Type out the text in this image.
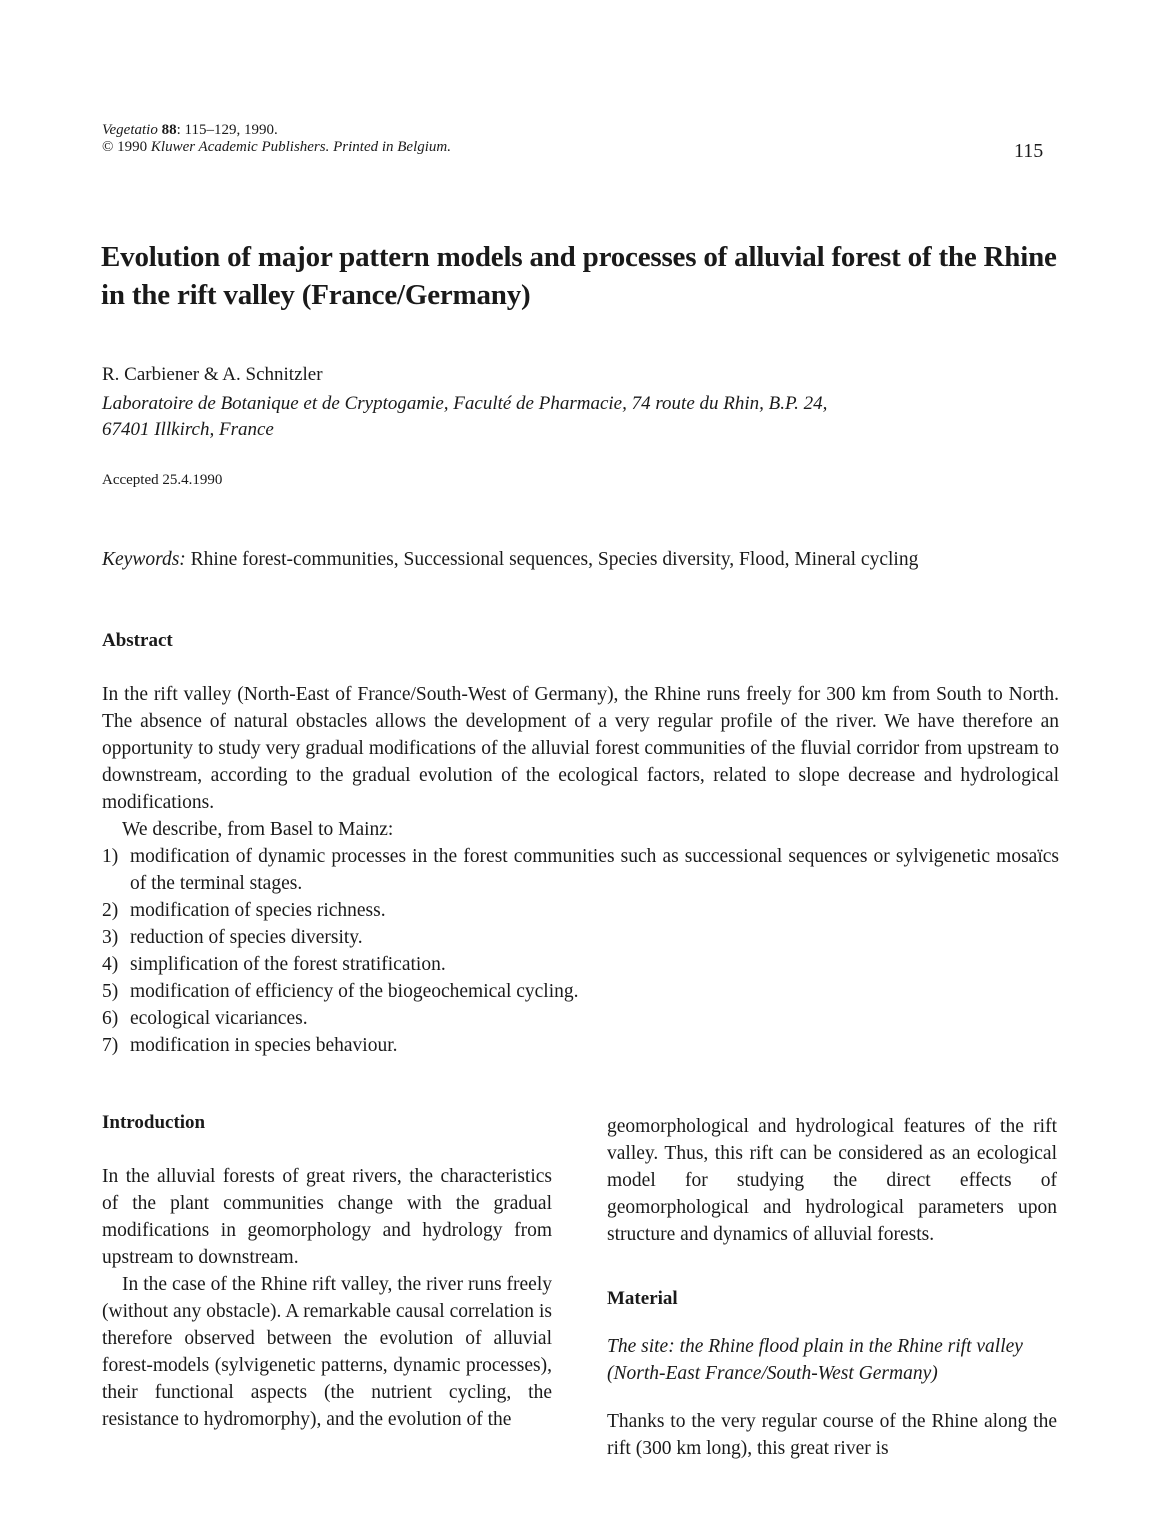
Vegetatio 88: 115–129, 1990.
© 1990 Kluwer Academic Publishers. Printed in Belgium.	115
Evolution of major pattern models and processes of alluvial forest of the Rhine in the rift valley (France/Germany)
R. Carbiener & A. Schnitzler
Laboratoire de Botanique et de Cryptogamie, Faculté de Pharmacie, 74 route du Rhin, B.P. 24,
67401 Illkirch, France
Accepted 25.4.1990
Keywords: Rhine forest-communities, Successional sequences, Species diversity, Flood, Mineral cycling
Abstract

In the rift valley (North-East of France/South-West of Germany), the Rhine runs freely for 300 km from South to North. The absence of natural obstacles allows the development of a very regular profile of the river. We have therefore an opportunity to study very gradual modifications of the alluvial forest communities of the fluvial corridor from upstream to downstream, according to the gradual evolution of the ecological factors, related to slope decrease and hydrological modifications.

We describe, from Basel to Mainz:

1) modification of dynamic processes in the forest communities such as successional sequences or sylvigenetic mosaïcs of the terminal stages.
2) modification of species richness.
3) reduction of species diversity.
4) simplification of the forest stratification.
5) modification of efficiency of the biogeochemical cycling.
6) ecological vicariances.
7) modification in species behaviour.
Introduction

In the alluvial forests of great rivers, the characteristics of the plant communities change with the gradual modifications in geomorphology and hydrology from upstream to downstream.

In the case of the Rhine rift valley, the river runs freely (without any obstacle). A remarkable causal correlation is therefore observed between the evolution of alluvial forest-models (sylvigenetic patterns, dynamic processes), their functional aspects (the nutrient cycling, the resistance to hydromorphy), and the evolution of the

geomorphological and hydrological features of the rift valley. Thus, this rift can be considered as an ecological model for studying the direct effects of geomorphological and hydrological parameters upon structure and dynamics of alluvial forests.

Material
The site: the Rhine flood plain in the Rhine rift valley (North-East France/South-West Germany)

Thanks to the very regular course of the Rhine along the rift (300 km long), this great river is
